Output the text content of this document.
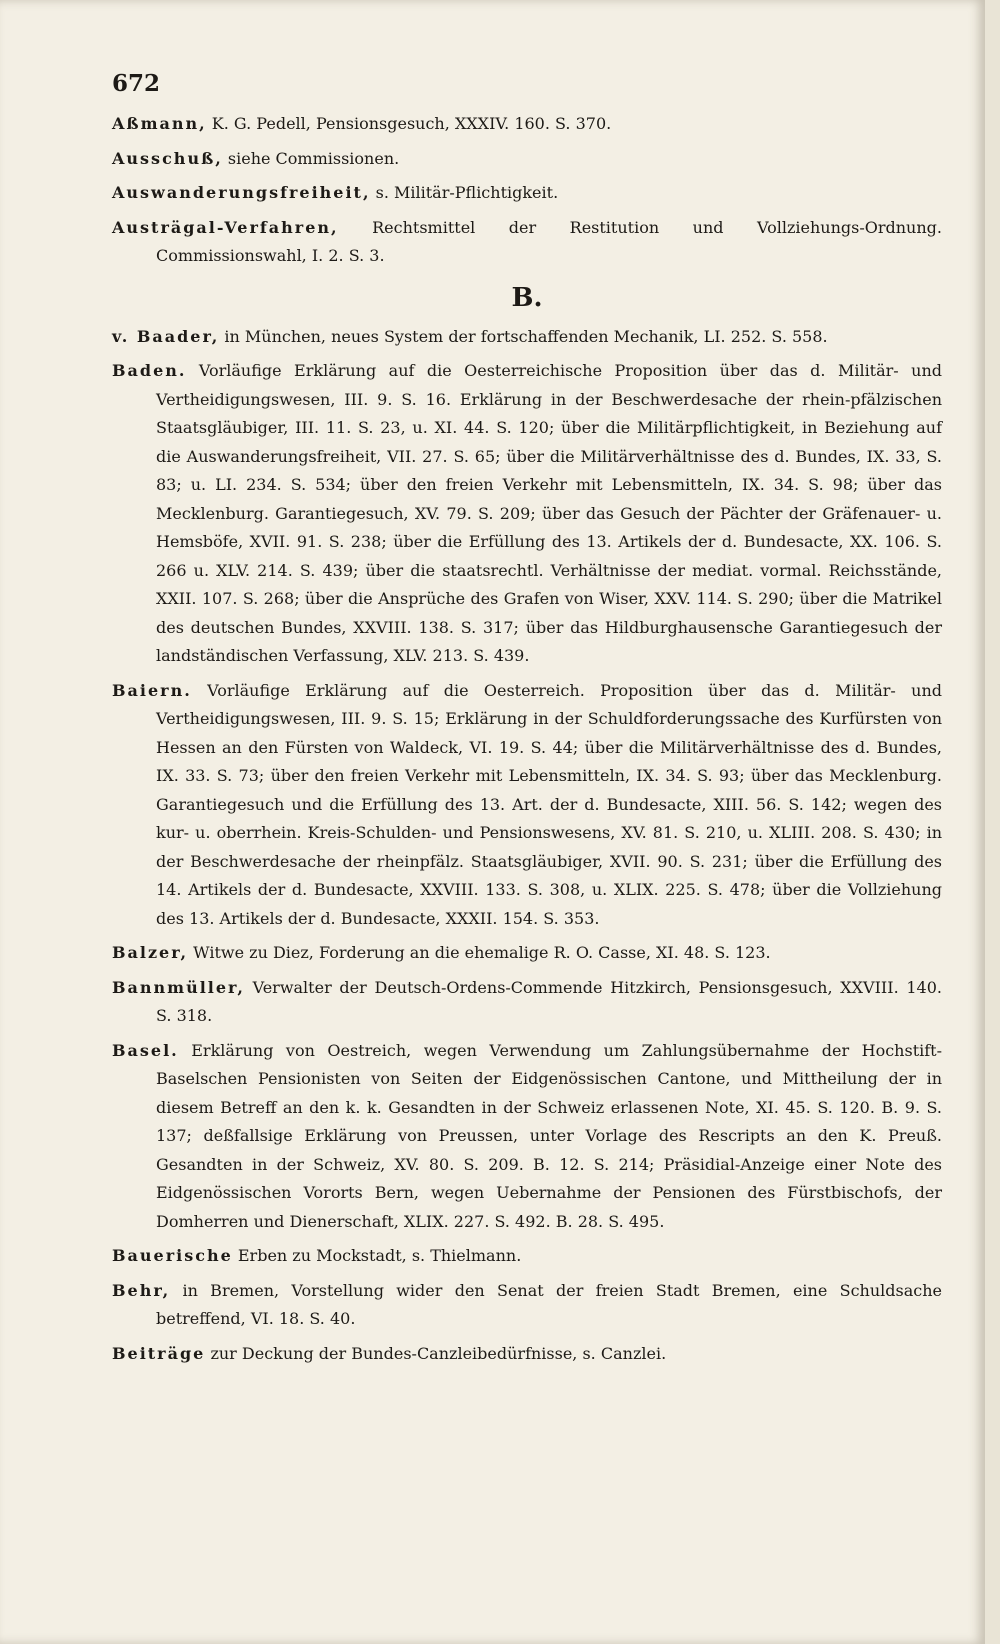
672

Aßmann, K. G. Pedell, Pensionsgesuch, XXXIV. 160. S. 370.

Ausschuß, siehe Commissionen.

Auswanderungsfreiheit, s. Militär-Pflichtigkeit.

Austrägal-Verfahren, Rechtsmittel der Restitution und Vollziehungs-Ordnung. Commissionswahl, I. 2. S. 3.

B.

v. Baader, in München, neues System der fortschaffenden Mechanik, LI. 252. S. 558.

Baden. Vorläufige Erklärung auf die Oesterreichische Proposition über das d. Militär- und Vertheidigungswesen, III. 9. S. 16. Erklärung in der Beschwerdesache der rhein-pfälzischen Staatsgläubiger, III. 11. S. 23, u. XI. 44. S. 120; über die Militärpflichtigkeit, in Beziehung auf die Auswanderungsfreiheit, VII. 27. S. 65; über die Militärverhältnisse des d. Bundes, IX. 33, S. 83; u. LI. 234. S. 534; über den freien Verkehr mit Lebensmitteln, IX. 34. S. 98; über das Mecklenburg. Garantiegesuch, XV. 79. S. 209; über das Gesuch der Pächter der Gräfenauer- u. Hemsböfe, XVII. 91. S. 238; über die Erfüllung des 13. Artikels der d. Bundesacte, XX. 106. S. 266 u. XLV. 214. S. 439; über die staatsrechtl. Verhältnisse der mediat. vormal. Reichsstände, XXII. 107. S. 268; über die Ansprüche des Grafen von Wiser, XXV. 114. S. 290; über die Matrikel des deutschen Bundes, XXVIII. 138. S. 317; über das Hildburghausensche Garantiegesuch der landständischen Verfassung, XLV. 213. S. 439.

Baiern. Vorläufige Erklärung auf die Oesterreich. Proposition über das d. Militär- und Vertheidigungswesen, III. 9. S. 15; Erklärung in der Schuldforderungssache des Kurfürsten von Hessen an den Fürsten von Waldeck, VI. 19. S. 44; über die Militärverhältnisse des d. Bundes, IX. 33. S. 73; über den freien Verkehr mit Lebensmitteln, IX. 34. S. 93; über das Mecklenburg. Garantiegesuch und die Erfüllung des 13. Art. der d. Bundesacte, XIII. 56. S. 142; wegen des kur- u. oberrhein. Kreis-Schulden- und Pensionswesens, XV. 81. S. 210, u. XLIII. 208. S. 430; in der Beschwerdesache der rheinpfälz. Staatsgläubiger, XVII. 90. S. 231; über die Erfüllung des 14. Artikels der d. Bundesacte, XXVIII. 133. S. 308, u. XLIX. 225. S. 478; über die Vollziehung des 13. Artikels der d. Bundesacte, XXXII. 154. S. 353.

Balzer, Witwe zu Diez, Forderung an die ehemalige R. O. Casse, XI. 48. S. 123.

Bannmüller, Verwalter der Deutsch-Ordens-Commende Hitzkirch, Pensionsgesuch, XXVIII. 140. S. 318.

Basel. Erklärung von Oestreich, wegen Verwendung um Zahlungsübernahme der Hochstift-Baselschen Pensionisten von Seiten der Eidgenössischen Cantone, und Mittheilung der in diesem Betreff an den k. k. Gesandten in der Schweiz erlassenen Note, XI. 45. S. 120. B. 9. S. 137; deßfallsige Erklärung von Preussen, unter Vorlage des Rescripts an den K. Preuß. Gesandten in der Schweiz, XV. 80. S. 209. B. 12. S. 214; Präsidial-Anzeige einer Note des Eidgenössischen Vororts Bern, wegen Uebernahme der Pensionen des Fürstbischofs, der Domherren und Dienerschaft, XLIX. 227. S. 492. B. 28. S. 495.

Bauerische Erben zu Mockstadt, s. Thielmann.

Behr, in Bremen, Vorstellung wider den Senat der freien Stadt Bremen, eine Schuldsache betreffend, VI. 18. S. 40.

Beiträge zur Deckung der Bundes-Canzleibedürfnisse, s. Canzlei.
